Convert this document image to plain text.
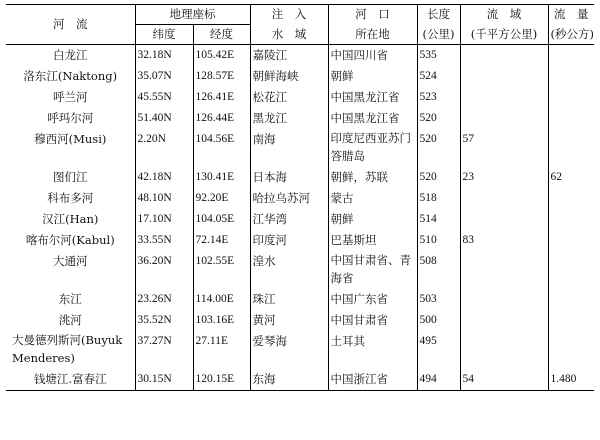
河　流	地理座标		注　入	河　口	长度	流　域	流　量
	纬度	经度	水　域	所在地	(公里)	(千平方公里)	(秒公方)
白龙江	32.18N	105.42E	嘉陵江	中国四川省	535		
洛东江(Naktong)	35.07N	128.57E	朝鲜海峡	朝鲜	524		
呼兰河	45.55N	126.41E	松花江	中国黑龙江省	523		
呼玛尔河	51.40N	126.44E	黑龙江	中国黑龙江省	520		
穆西河(Musi)	2.20N	104.56E	南海	印度尼西亚苏门答腊岛	520	57	
图们江	42.18N	130.41E	日本海	朝鲜，苏联	520	23	62
科布多河	48.10N	92.20E	哈拉乌苏河	蒙古	518		
汉江(Han)	17.10N	104.05E	江华湾	朝鲜	514		
喀布尔河(Kabul)	33.55N	72.14E	印度河	巴基斯坦	510	83	
大通河	36.20N	102.55E	湟水	中国甘肃省、青海省	508		
东江	23.26N	114.00E	珠江	中国广东省	503		
洮河	35.52N	103.16E	黄河	中国甘肃省	500		
大曼德列斯河(Buyuk Menderes)	37.27N	27.11E	爱琴海	土耳其	495		
钱塘江.富春江	30.15N	120.15E	东海	中国浙江省	494	54	1.480
